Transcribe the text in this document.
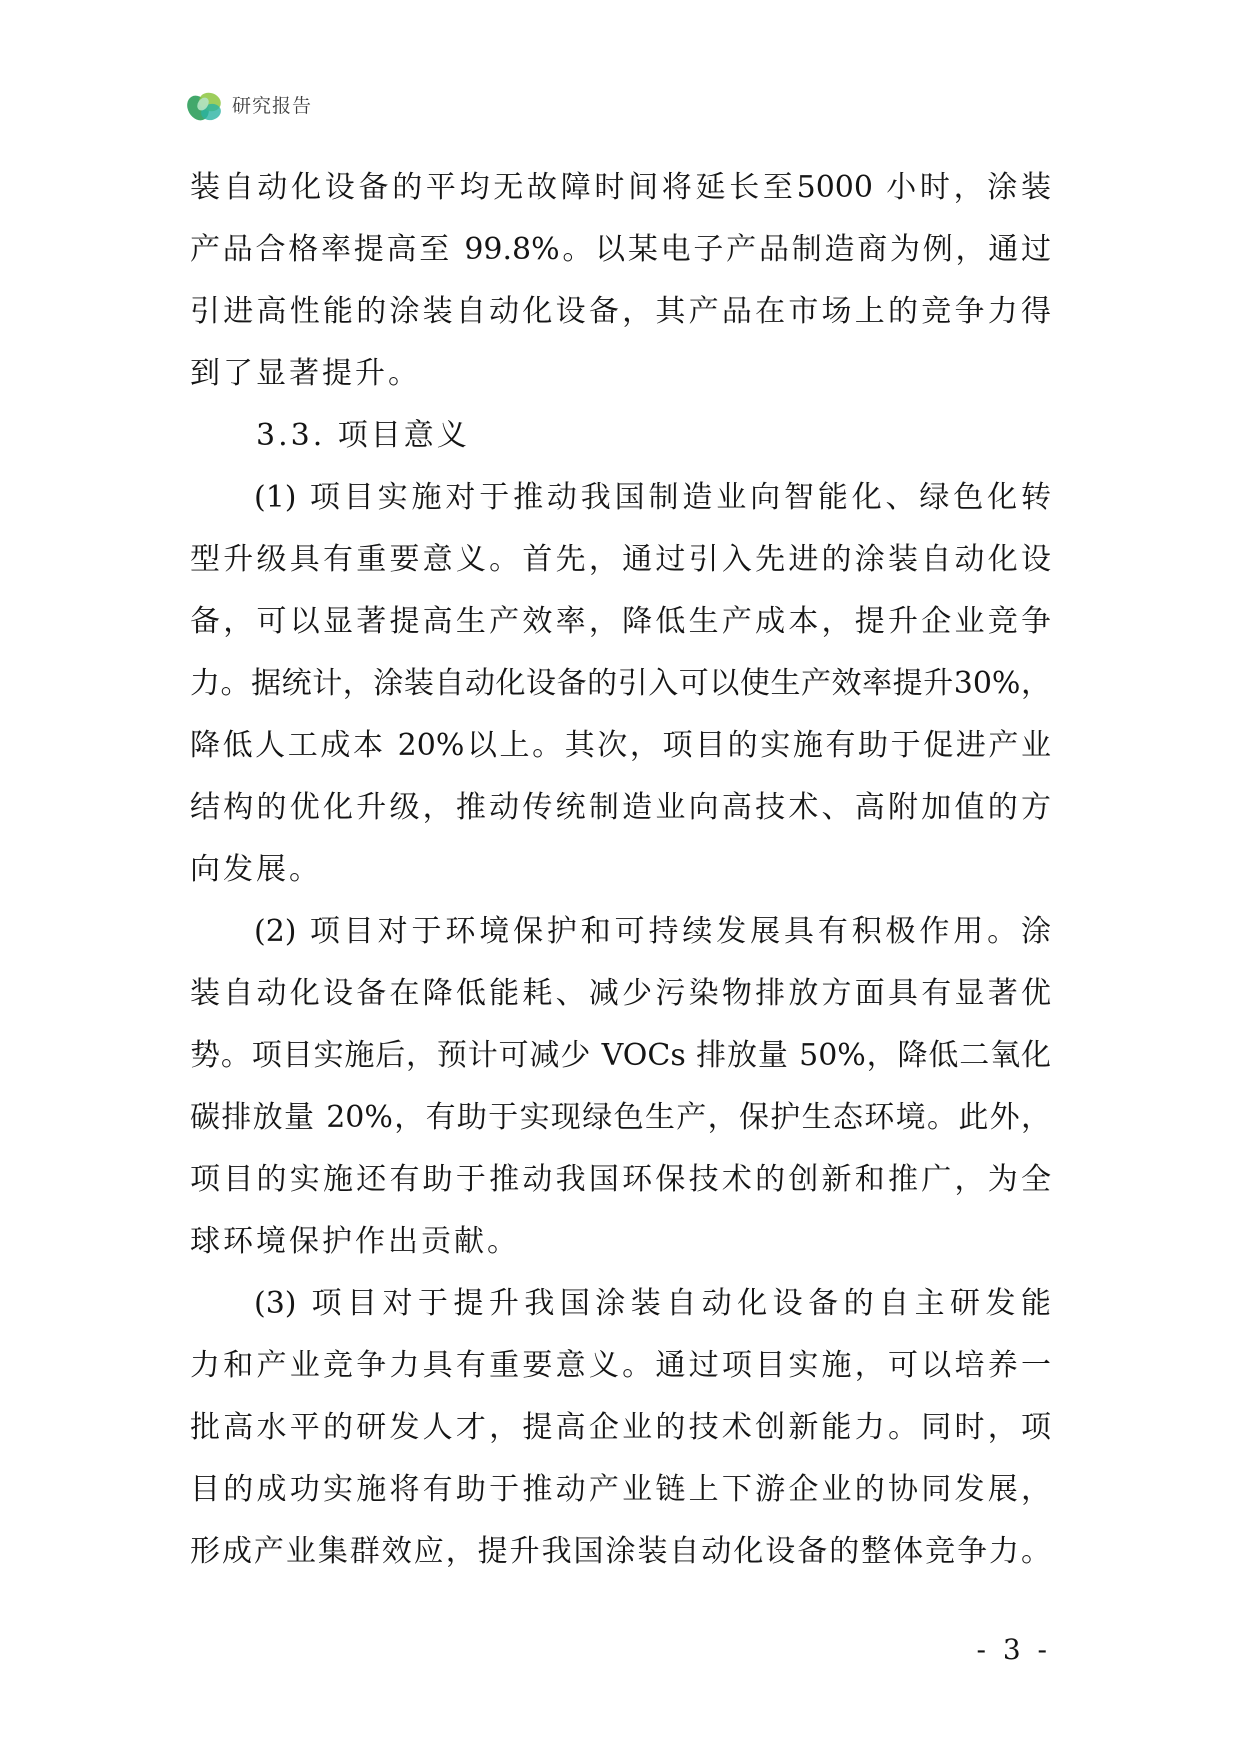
研究报告
装自动化设备的平均无故障时间将延长至5000 小时，涂装
产品合格率提高至 99.8%。以某电子产品制造商为例，通过
引进高性能的涂装自动化设备，其产品在市场上的竞争力得
到了显著提升。
3.3. 项目意义
(1) 项目实施对于推动我国制造业向智能化、绿色化转
型升级具有重要意义。首先，通过引入先进的涂装自动化设
备，可以显著提高生产效率，降低生产成本，提升企业竞争
力。据统计，涂装自动化设备的引入可以使生产效率提升30%，
降低人工成本 20%以上。其次，项目的实施有助于促进产业
结构的优化升级，推动传统制造业向高技术、高附加值的方
向发展。
(2) 项目对于环境保护和可持续发展具有积极作用。涂
装自动化设备在降低能耗、减少污染物排放方面具有显著优
势。项目实施后，预计可减少 VOCs 排放量 50%，降低二氧化
碳排放量 20%，有助于实现绿色生产，保护生态环境。此外，
项目的实施还有助于推动我国环保技术的创新和推广，为全
球环境保护作出贡献。
(3) 项目对于提升我国涂装自动化设备的自主研发能
力和产业竞争力具有重要意义。通过项目实施，可以培养一
批高水平的研发人才，提高企业的技术创新能力。同时，项
目的成功实施将有助于推动产业链上下游企业的协同发展，
形成产业集群效应，提升我国涂装自动化设备的整体竞争力。
- 3 -
